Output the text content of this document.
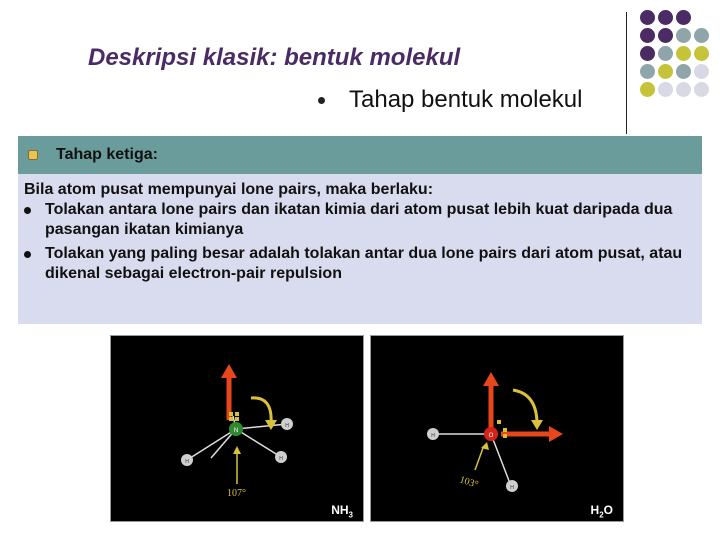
Deskripsi klasik: bentuk molekul
Tahap bentuk molekul
Tahap ketiga:

Bila atom pusat mempunyai lone pairs, maka berlaku:

Tolakan antara lone pairs dan ikatan kimia dari atom pusat lebih kuat daripada dua pasangan ikatan kimianya

Tolakan yang paling besar adalah tolakan antar dua lone pairs dari atom pusat, atau dikenal sebagai electron-pair repulsion

N
H
H	H
107°
$NH_3$
O
H
H
103°
$H_2O$
